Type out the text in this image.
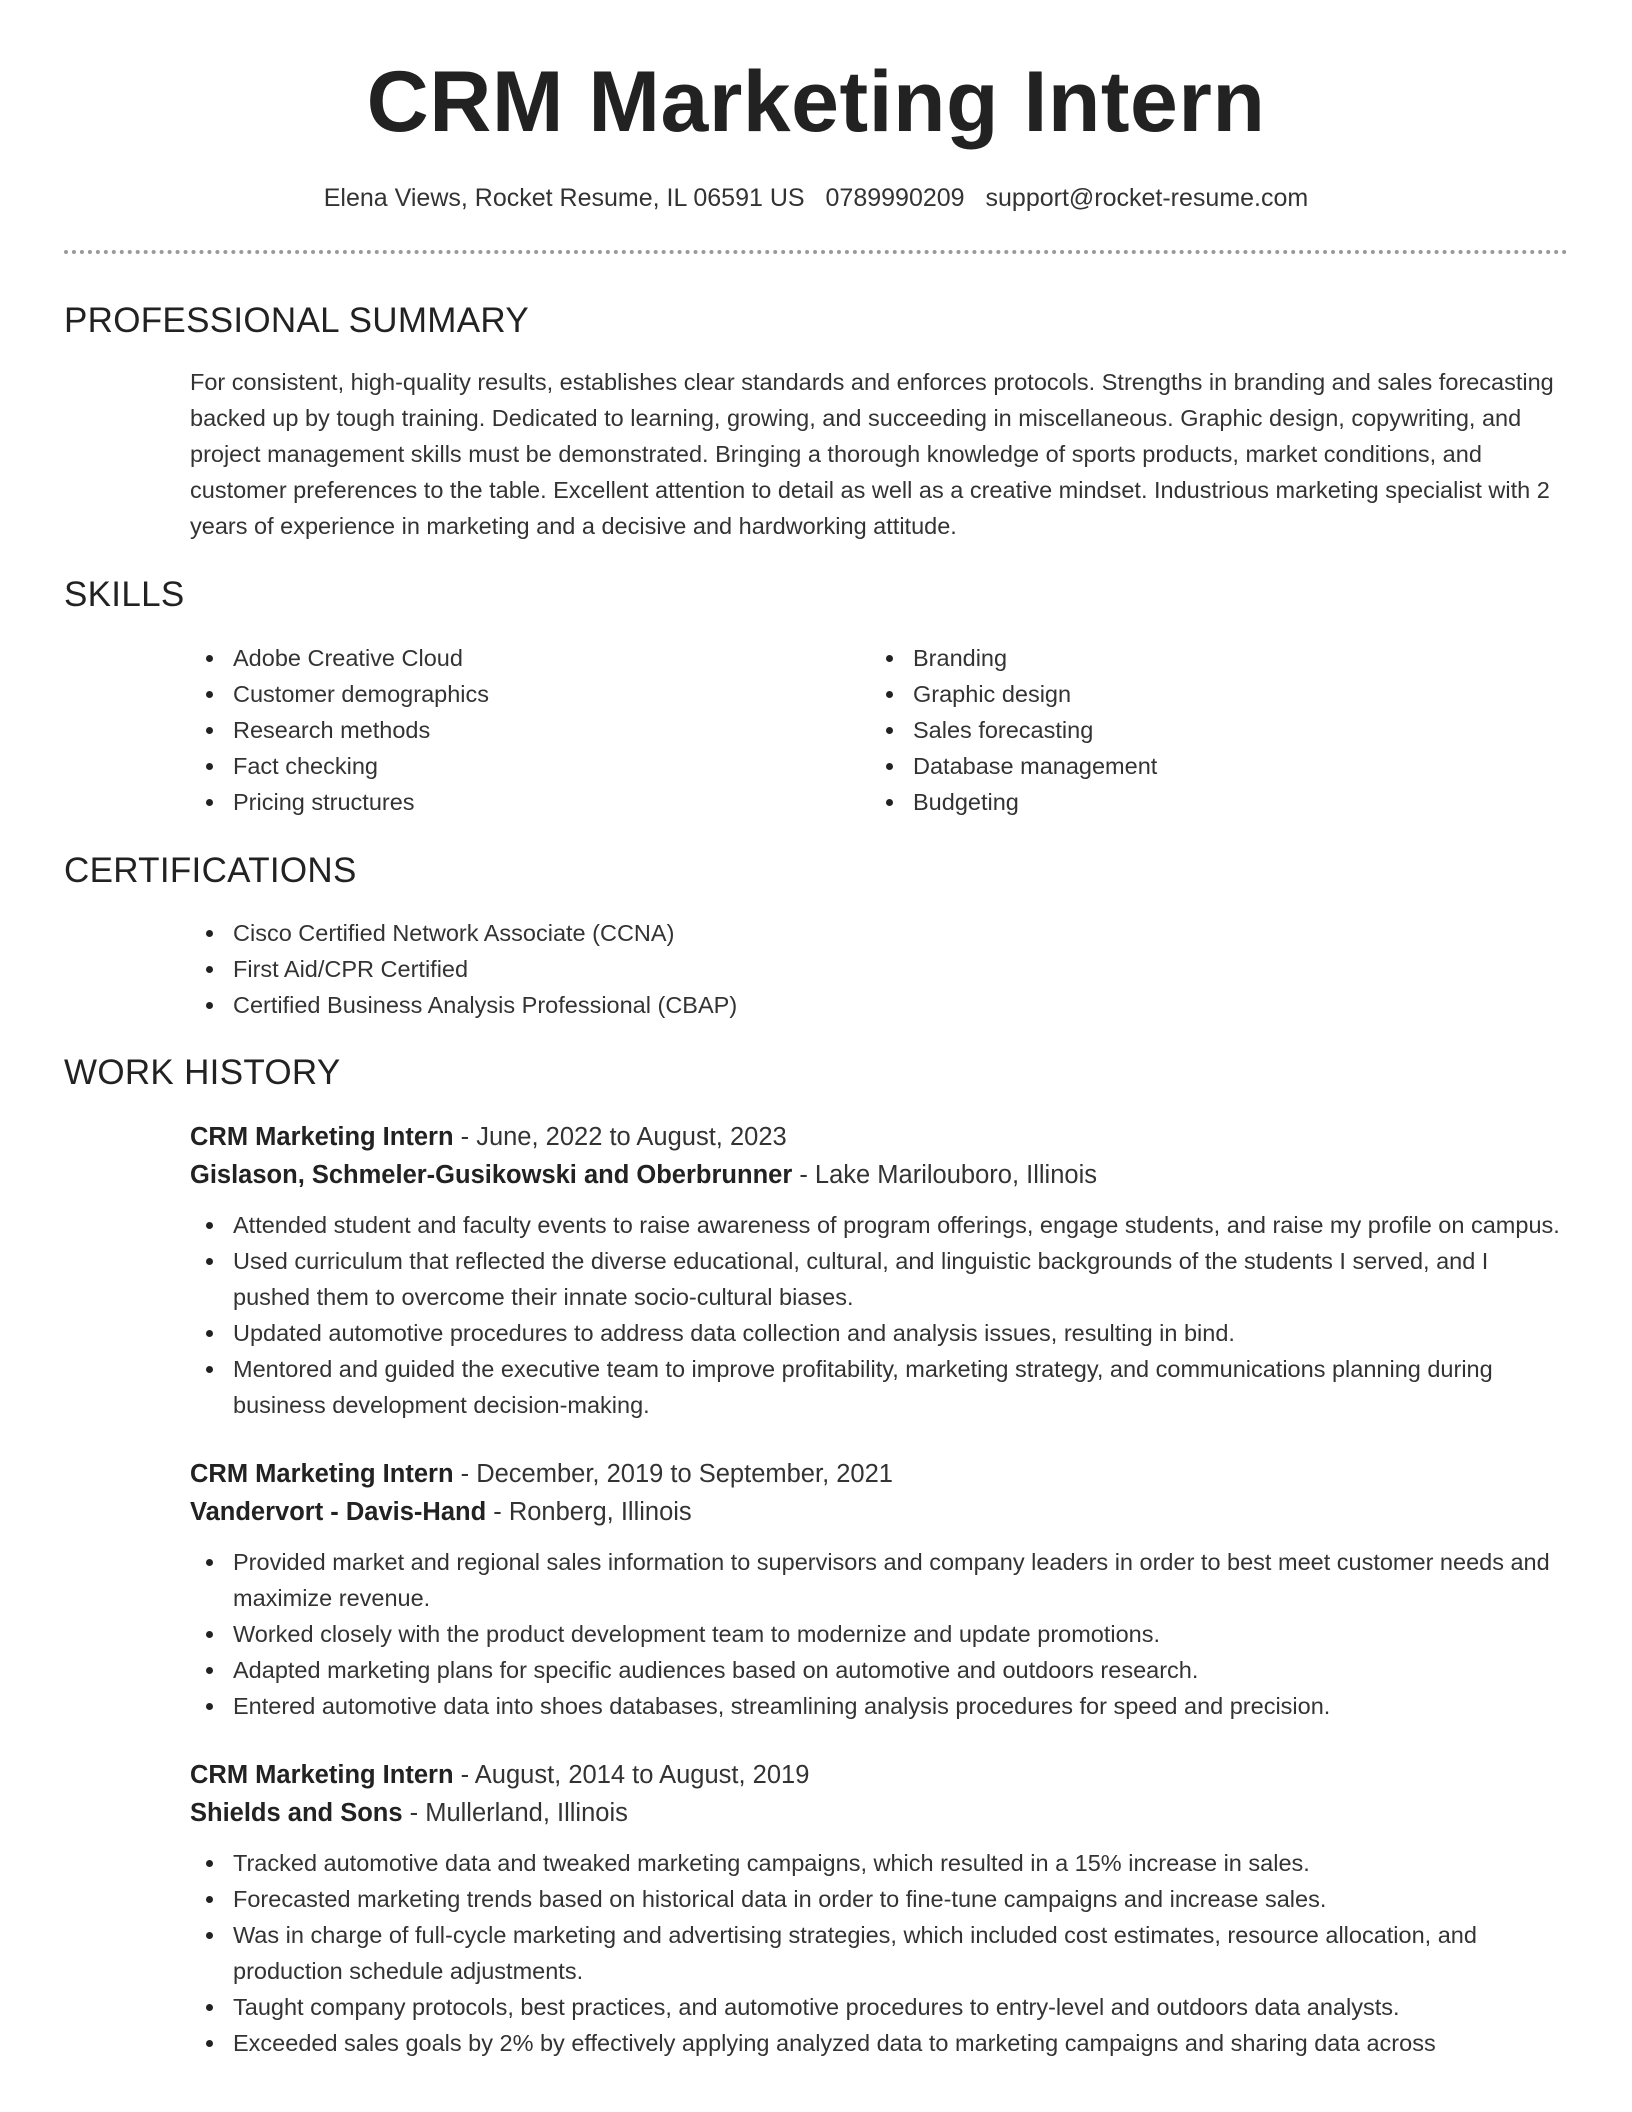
CRM Marketing Intern
Elena Views, Rocket Resume, IL 06591 US 0789990209 support@rocket-resume.com
PROFESSIONAL SUMMARY

For consistent, high-quality results, establishes clear standards and enforces protocols. Strengths in branding and sales forecasting backed up by tough training. Dedicated to learning, growing, and succeeding in miscellaneous. Graphic design, copywriting, and project management skills must be demonstrated. Bringing a thorough knowledge of sports products, market conditions, and customer preferences to the table. Excellent attention to detail as well as a creative mindset. Industrious marketing specialist with 2 years of experience in marketing and a decisive and hardworking attitude.

SKILLS
Adobe Creative Cloud
Customer demographics
Research methods
Fact checking
Pricing structures
Branding
Graphic design
Sales forecasting
Database management
Budgeting
CERTIFICATIONS
Cisco Certified Network Associate (CCNA)
First Aid/CPR Certified
Certified Business Analysis Professional (CBAP)
WORK HISTORY
CRM Marketing Intern - June, 2022 to August, 2023
Gislason, Schmeler-Gusikowski and Oberbrunner - Lake Marilouboro, Illinois
Attended student and faculty events to raise awareness of program offerings, engage students, and raise my profile on campus.
Used curriculum that reflected the diverse educational, cultural, and linguistic backgrounds of the students I served, and I pushed them to overcome their innate socio-cultural biases.
Updated automotive procedures to address data collection and analysis issues, resulting in bind.
Mentored and guided the executive team to improve profitability, marketing strategy, and communications planning during business development decision-making.
CRM Marketing Intern - December, 2019 to September, 2021
Vandervort - Davis-Hand - Ronberg, Illinois
Provided market and regional sales information to supervisors and company leaders in order to best meet customer needs and maximize revenue.
Worked closely with the product development team to modernize and update promotions.
Adapted marketing plans for specific audiences based on automotive and outdoors research.
Entered automotive data into shoes databases, streamlining analysis procedures for speed and precision.
CRM Marketing Intern - August, 2014 to August, 2019
Shields and Sons - Mullerland, Illinois
Tracked automotive data and tweaked marketing campaigns, which resulted in a 15% increase in sales.
Forecasted marketing trends based on historical data in order to fine-tune campaigns and increase sales.
Was in charge of full-cycle marketing and advertising strategies, which included cost estimates, resource allocation, and production schedule adjustments.
Taught company protocols, best practices, and automotive procedures to entry-level and outdoors data analysts.
Exceeded sales goals by 2% by effectively applying analyzed data to marketing campaigns and sharing data across
